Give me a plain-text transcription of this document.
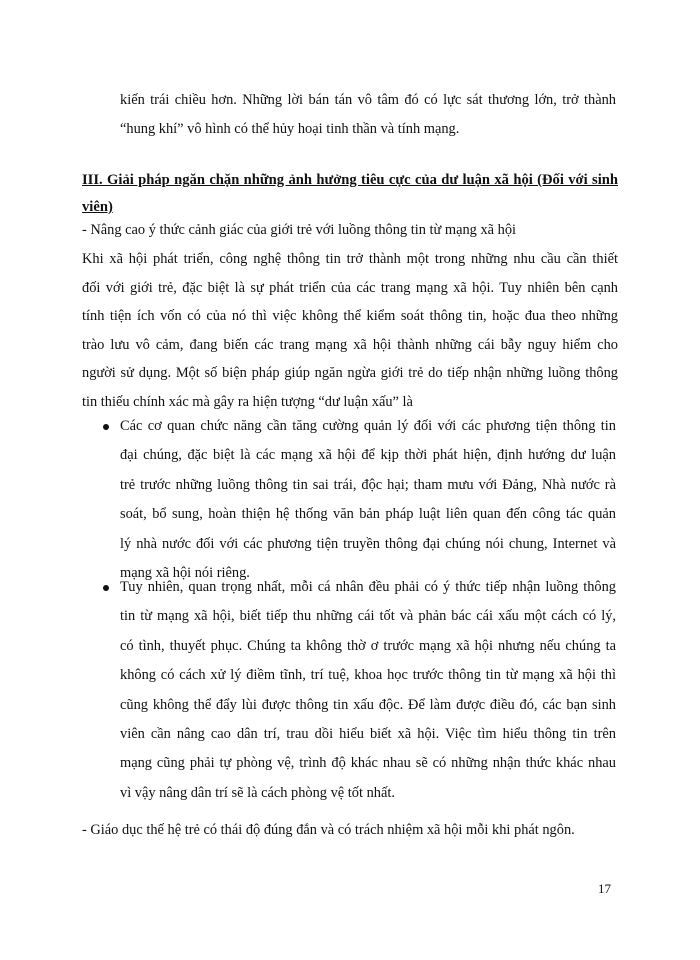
kiến trái chiều hơn. Những lời bán tán vô tâm đó có lực sát thương lớn, trở thành
“hung khí” vô hình có thể hủy hoại tinh thần và tính mạng.
III. Giải pháp ngăn chặn những ảnh hưởng tiêu cực của dư luận xã hội (Đối với sinh
viên)
- Nâng cao ý thức cảnh giác của giới trẻ với luồng thông tin từ mạng xã hội
Khi xã hội phát triển, công nghệ thông tin trở thành một trong những nhu cầu cần thiết
đối với giới trẻ, đặc biệt là sự phát triển của các trang mạng xã hội. Tuy nhiên bên cạnh
tính tiện ích vốn có của nó thì việc không thể kiểm soát thông tin, hoặc đua theo những
trào lưu vô cảm, đang biến các trang mạng xã hội thành những cái bẫy nguy hiểm cho
người sử dụng. Một số biện pháp giúp ngăn ngừa giới trẻ do tiếp nhận những luồng thông
tin thiếu chính xác mà gây ra hiện tượng “dư luận xấu” là
Các cơ quan chức năng cần tăng cường quản lý đối với các phương tiện thông tin
đại chúng, đặc biệt là các mạng xã hội để kịp thời phát hiện, định hướng dư luận
trẻ trước những luồng thông tin sai trái, độc hại; tham mưu với Đảng, Nhà nước rà
soát, bổ sung, hoàn thiện hệ thống văn bản pháp luật liên quan đến công tác quản
lý nhà nước đối với các phương tiện truyền thông đại chúng nói chung, Internet và
mạng xã hội nói riêng.
Tuy nhiên, quan trọng nhất, mỗi cá nhân đều phải có ý thức tiếp nhận luồng thông
tin từ mạng xã hội, biết tiếp thu những cái tốt và phản bác cái xấu một cách có lý,
có tình, thuyết phục. Chúng ta không thờ ơ trước mạng xã hội nhưng nếu chúng ta
không có cách xử lý điềm tĩnh, trí tuệ, khoa học trước thông tin từ mạng xã hội thì
cũng không thể đẩy lùi được thông tin xấu độc. Để làm được điều đó, các bạn sinh
viên cần nâng cao dân trí, trau dồi hiểu biết xã hội. Việc tìm hiểu thông tin trên
mạng cũng phải tự phòng vệ, trình độ khác nhau sẽ có những nhận thức khác nhau
vì vậy nâng dân trí sẽ là cách phòng vệ tốt nhất.
- Giáo dục thế hệ trẻ có thái độ đúng đắn và có trách nhiệm xã hội mỗi khi phát ngôn.
17
